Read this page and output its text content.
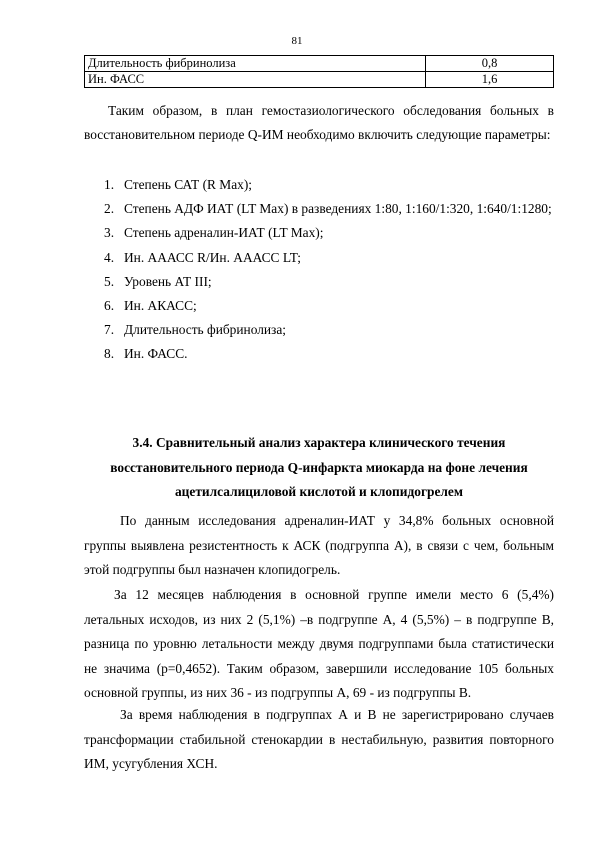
81
Длительность фибринолиза	0,8
Ин. ФАСС	1,6

Таким образом, в план гемостазиологического обследования больных в восстановительном периоде Q-ИМ необходимо включить следующие параметры:

1. Степень САТ (R Max);
2. Степень АДФ ИАТ (LT Max) в разведениях 1:80, 1:160/1:320, 1:640/1:1280;
3. Степень адреналин-ИАТ (LT Max);
4. Ин. АААСС R/Ин. АААСС LT;
5. Уровень АТ III;
6. Ин. АКАСС;
7. Длительность фибринолиза;
8. Ин. ФАСС.
3.4. Сравнительный анализ характера клинического течения восстановительного периода Q-инфаркта миокарда на фоне лечения ацетилсалициловой кислотой и клопидогрелем

По данным исследования адреналин-ИАТ у 34,8% больных основной группы выявлена резистентность к АСК (подгруппа А), в связи с чем, больным этой подгруппы был назначен клопидогрель.

За 12 месяцев наблюдения в основной группе имели место 6 (5,4%) летальных исходов, из них 2 (5,1%) –в подгруппе А, 4 (5,5%) – в подгруппе В, разница по уровню летальности между двумя подгруппами была статистически не значима (р=0,4652). Таким образом, завершили исследование 105 больных основной группы, из них 36 - из подгруппы А, 69 - из подгруппы В.

За время наблюдения в подгруппах А и В не зарегистрировано случаев трансформации стабильной стенокардии в нестабильную, развития повторного ИМ, усугубления ХСН.
